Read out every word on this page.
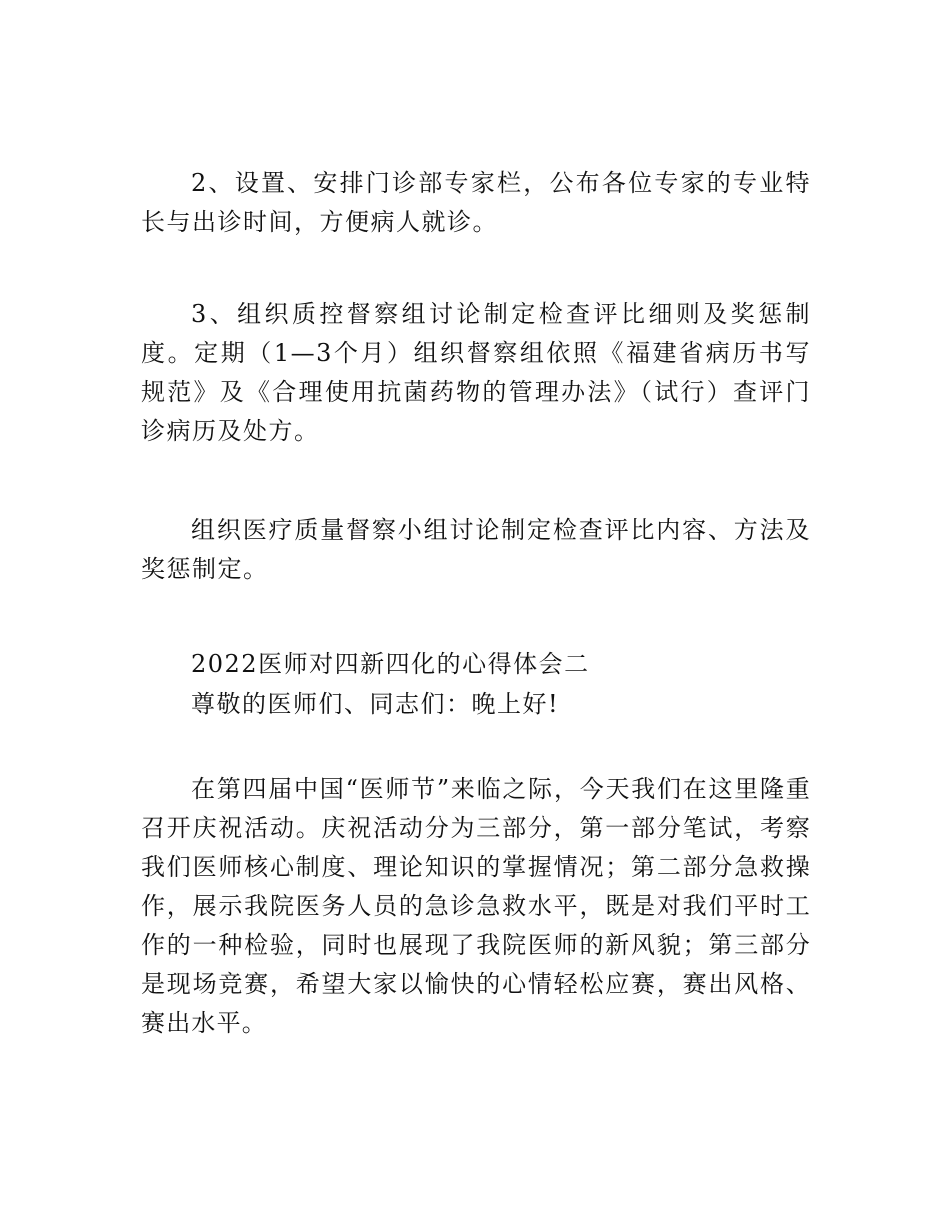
2、设置、安排门诊部专家栏，公布各位专家的专业特长与出诊时间，方便病人就诊。

3、组织质控督察组讨论制定检查评比细则及奖惩制度。定期（1—3个月）组织督察组依照《福建省病历书写规范》及《合理使用抗菌药物的管理办法》（试行）查评门诊病历及处方。

组织医疗质量督察小组讨论制定检查评比内容、方法及奖惩制定。

2022医师对四新四化的心得体会二

尊敬的医师们、同志们：晚上好!

在第四届中国“医师节”来临之际，今天我们在这里隆重召开庆祝活动。庆祝活动分为三部分，第一部分笔试，考察我们医师核心制度、理论知识的掌握情况；第二部分急救操作，展示我院医务人员的急诊急救水平，既是对我们平时工作的一种检验，同时也展现了我院医师的新风貌；第三部分是现场竞赛，希望大家以愉快的心情轻松应赛，赛出风格、赛出水平。
